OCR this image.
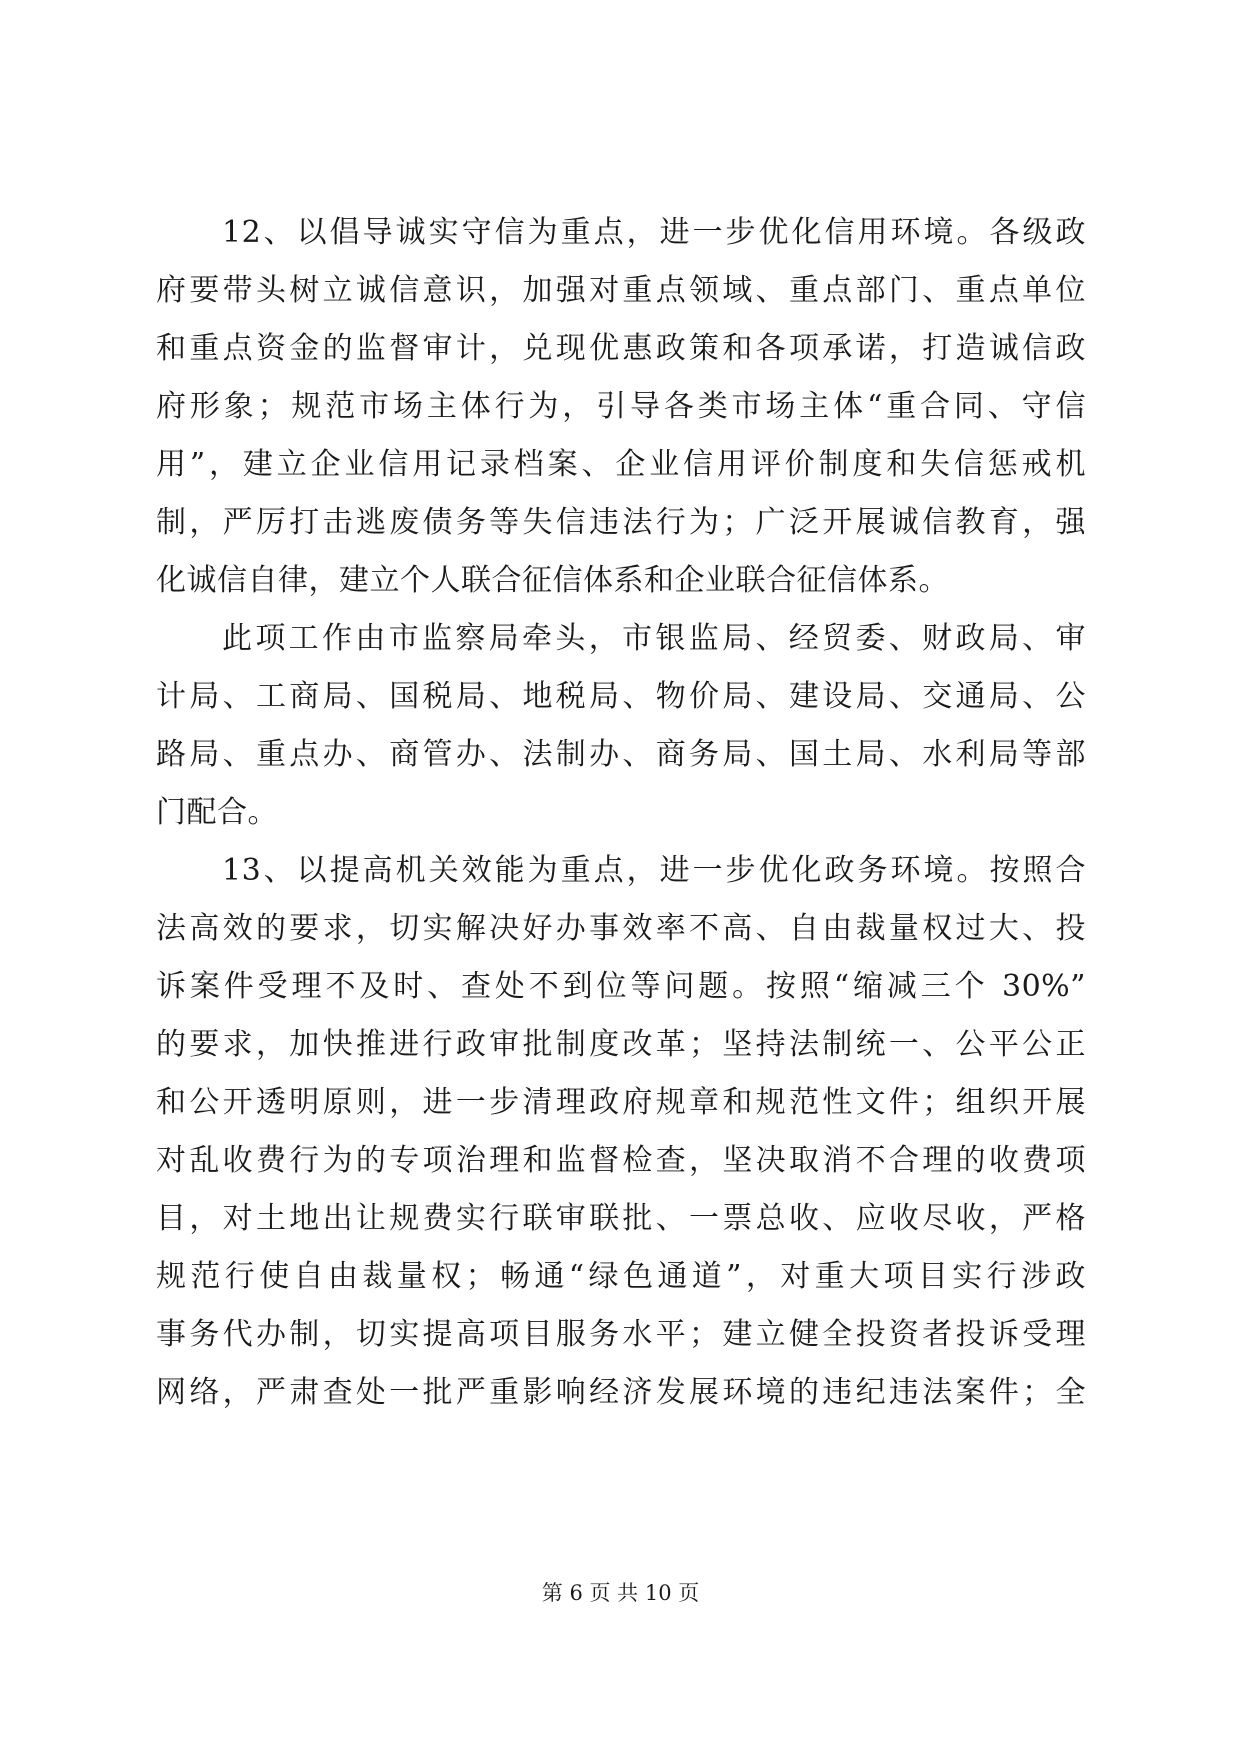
12、以倡导诚实守信为重点，进一步优化信用环境。各级政
府要带头树立诚信意识，加强对重点领域、重点部门、重点单位
和重点资金的监督审计，兑现优惠政策和各项承诺，打造诚信政
府形象；规范市场主体行为，引导各类市场主体“重合同、守信
用”，建立企业信用记录档案、企业信用评价制度和失信惩戒机
制，严厉打击逃废债务等失信违法行为；广泛开展诚信教育，强
化诚信自律，建立个人联合征信体系和企业联合征信体系。
此项工作由市监察局牵头，市银监局、经贸委、财政局、审
计局、工商局、国税局、地税局、物价局、建设局、交通局、公
路局、重点办、商管办、法制办、商务局、国土局、水利局等部
门配合。
13、以提高机关效能为重点，进一步优化政务环境。按照合
法高效的要求，切实解决好办事效率不高、自由裁量权过大、投
诉案件受理不及时、查处不到位等问题。按照“缩减三个 30%”
的要求，加快推进行政审批制度改革；坚持法制统一、公平公正
和公开透明原则，进一步清理政府规章和规范性文件；组织开展
对乱收费行为的专项治理和监督检查，坚决取消不合理的收费项
目，对土地出让规费实行联审联批、一票总收、应收尽收，严格
规范行使自由裁量权；畅通“绿色通道”，对重大项目实行涉政
事务代办制，切实提高项目服务水平；建立健全投资者投诉受理
网络，严肃查处一批严重影响经济发展环境的违纪违法案件；全
第 6 页 共 10 页
